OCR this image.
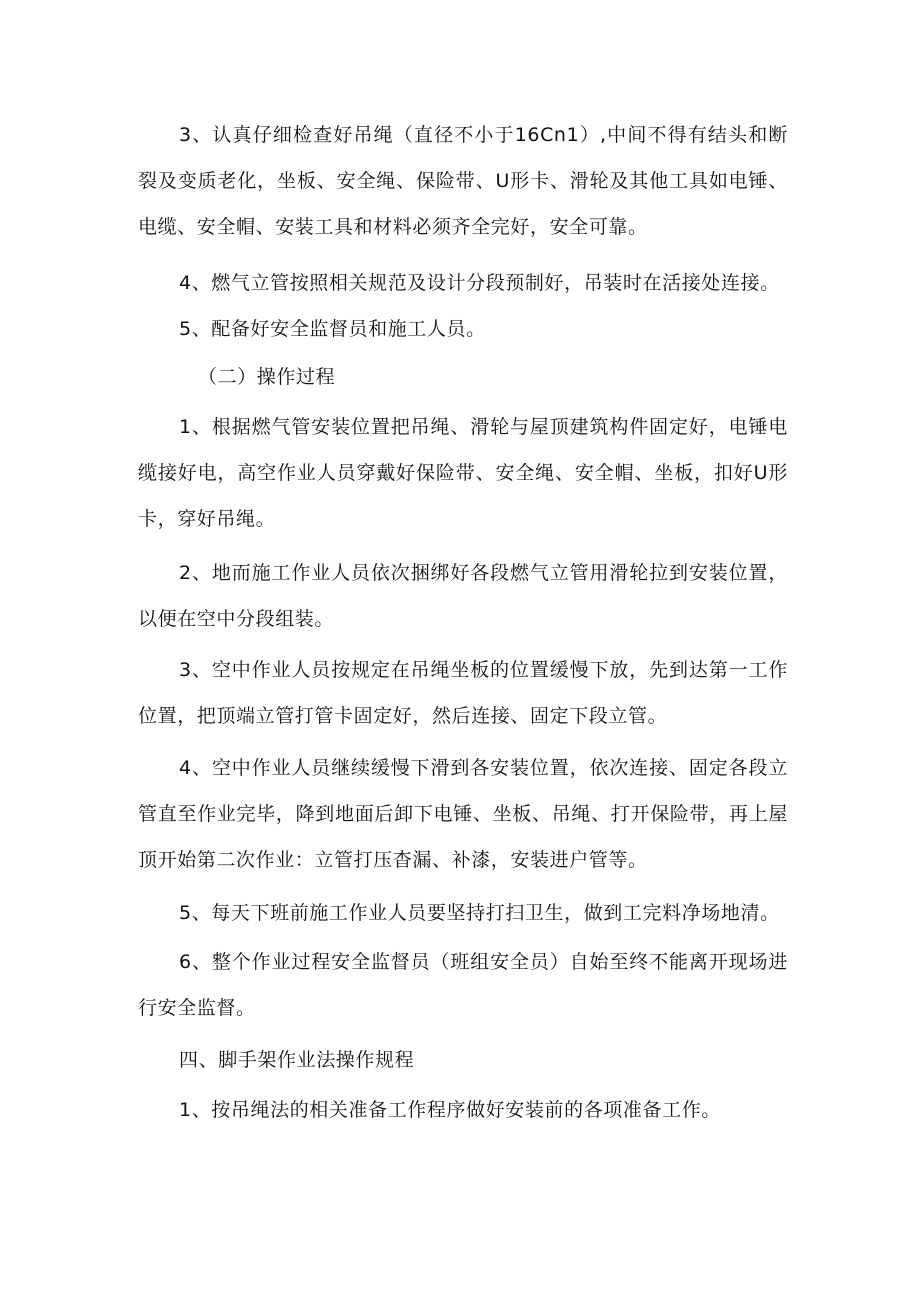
3、认真仔细检查好吊绳（直径不小于16Cn1）,中间不得有结头和断裂及变质老化，坐板、安全绳、保险带、U形卡、滑轮及其他工具如电锤、电缆、安全帽、安装工具和材料必须齐全完好，安全可靠。

4、燃气立管按照相关规范及设计分段预制好，吊装时在活接处连接。

5、配备好安全监督员和施工人员。

（二）操作过程

1、根据燃气管安装位置把吊绳、滑轮与屋顶建筑构件固定好，电锤电缆接好电，高空作业人员穿戴好保险带、安全绳、安全帽、坐板，扣好U形卡，穿好吊绳。

2、地而施工作业人员依次捆绑好各段燃气立管用滑轮拉到安装位置，以便在空中分段组装。

3、空中作业人员按规定在吊绳坐板的位置缓慢下放，先到达第一工作位置，把顶端立管打管卡固定好，然后连接、固定下段立管。

4、空中作业人员继续缓慢下滑到各安装位置，依次连接、固定各段立管直至作业完毕，降到地面后卸下电锤、坐板、吊绳、打开保险带，再上屋顶开始第二次作业：立管打压杳漏、补漆，安装进户管等。

5、每天下班前施工作业人员要坚持打扫卫生，做到工完料净场地清。

6、整个作业过程安全监督员（班组安全员）自始至终不能离开现场进行安全监督。

四、脚手架作业法操作规程

1、按吊绳法的相关准备工作程序做好安装前的各项准备工作。
